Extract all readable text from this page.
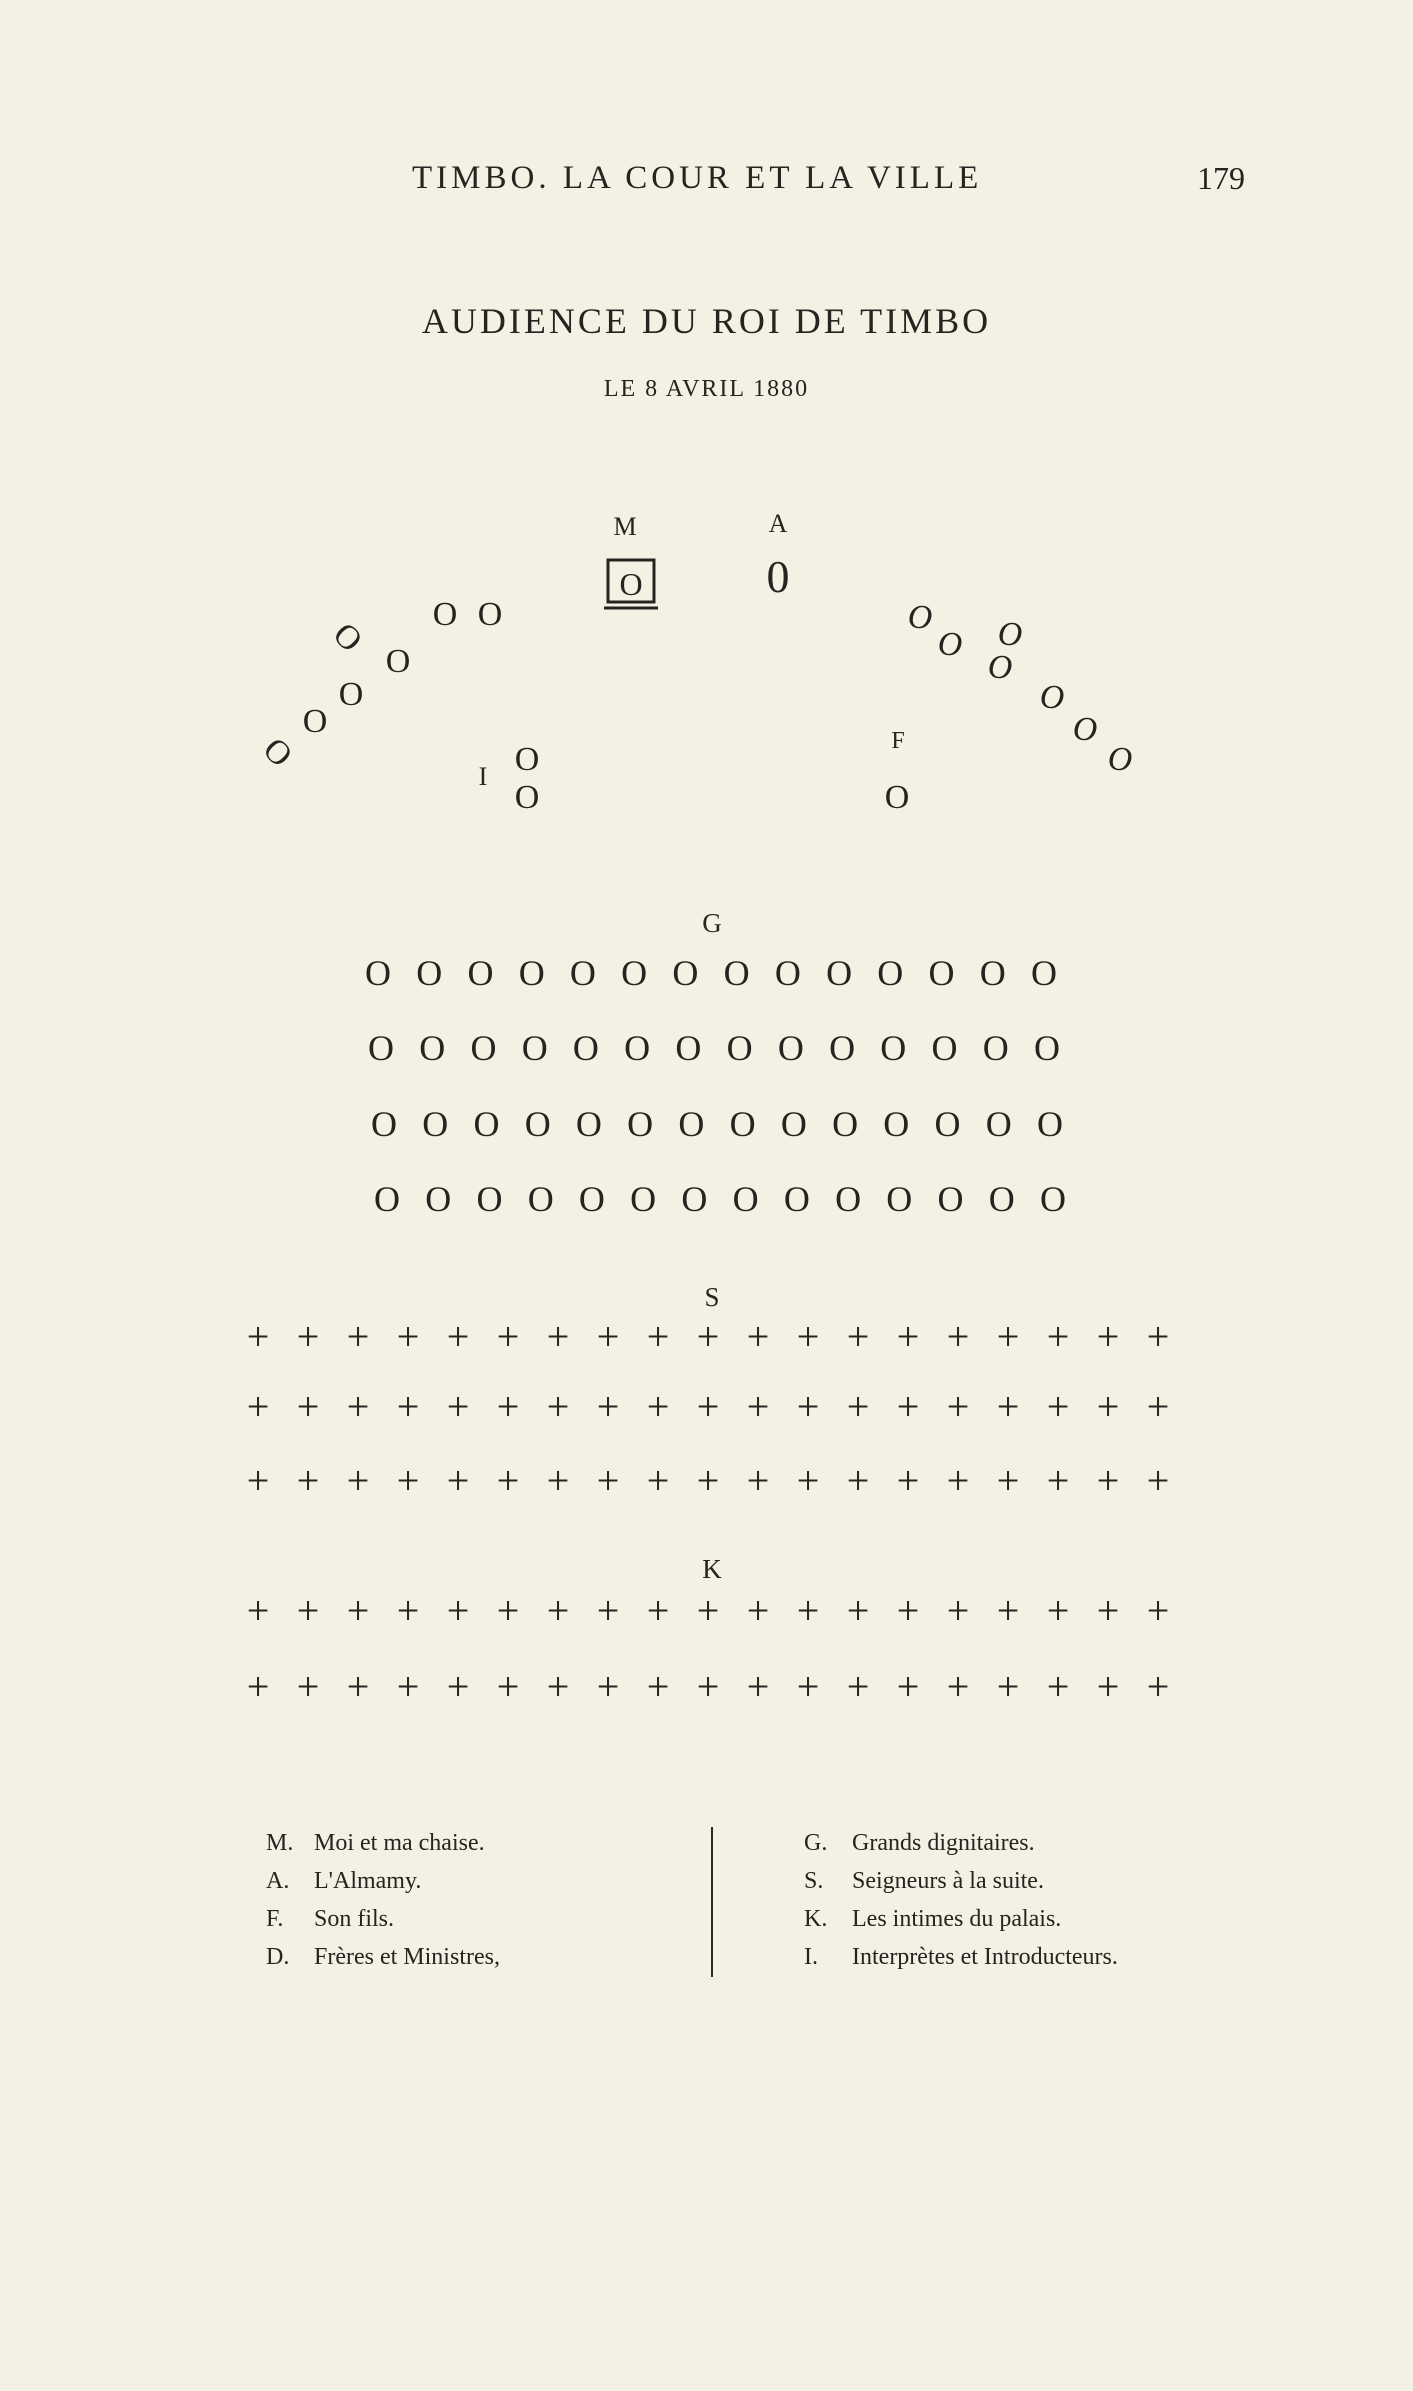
TIMBO. LA COUR ET LA VILLE	179
AUDIENCE DU ROI DE TIMBO
LE 8 AVRIL 1880
M	A
I
F
G
S
K
O	0
O
O O
O
O
O
O
O
O O
O
O
O
O
O
O	O
O O O O O O O O O O O O O O
O O O O O O O O O O O O O O
O O O O O O O O O O O O O O
O O O O O O O O O O O O O O
+ + + + + + + + + + + + + + + + + + +
+ + + + + + + + + + + + + + + + + + +
+ + + + + + + + + + + + + + + + + + +
+ + + + + + + + + + + + + + + + + + +
+ + + + + + + + + + + + + + + + + + +
M. Moi et ma chaise.
A. L'Almamy.
F. Son fils.
D. Frères et Ministres,
G. Grands dignitaires.
S. Seigneurs à la suite.
K. Les intimes du palais.
I. Interprètes et Introducteurs.
